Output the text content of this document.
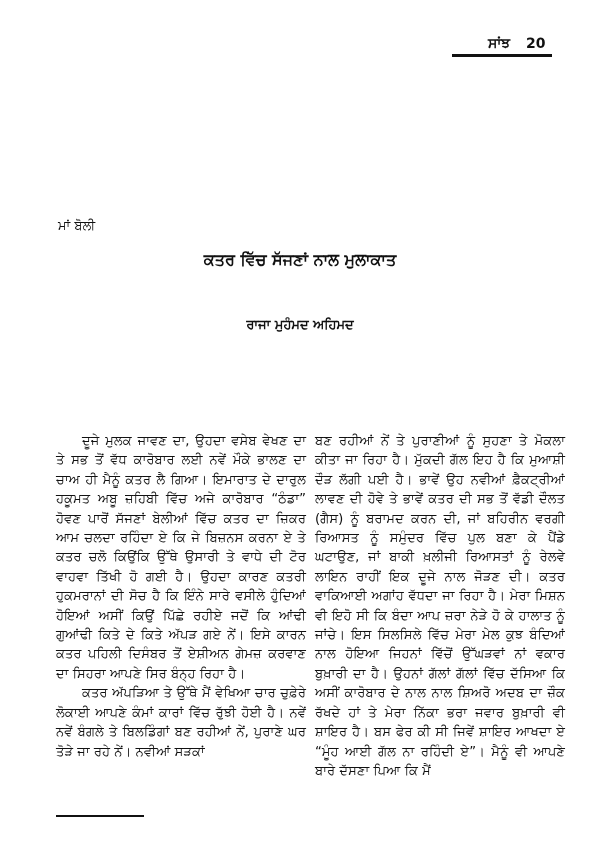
ਸਾਂਝ 20
ਮਾਂ ਬੋਲੀ
ਕਤਰ ਵਿੱਚ ਸੱਜਣਾਂ ਨਾਲ ਮੁਲਾਕਾਤ
ਰਾਜਾ ਮੁਹੰਮਦ ਅਹਿਮਦ

ਦੂਜੇ ਮੁਲਕ ਜਾਵਣ ਦਾ, ਉਹਦਾ ਵਸੇਬ ਵੇਖਣ ਦਾ ਤੇ ਸਭ ਤੋਂ ਵੱਧ ਕਾਰੋਬਾਰ ਲਈ ਨਵੇਂ ਮੌਕੇ ਭਾਲਣ ਦਾ ਚਾਅ ਹੀ ਮੈਨੂੰ ਕਤਰ ਲੈ ਗਿਆ। ਇਮਾਰਾਤ ਦੇ ਦਾਰੁਲ ਹਕੂਮਤ ਅਬੂ ਜ਼ਹਿਬੀ ਵਿੱਚ ਅਜੇ ਕਾਰੋਬਾਰ “ਠੰਡਾ” ਹੋਵਣ ਪਾਰੋਂ ਸੱਜਣਾਂ ਬੇਲੀਆਂ ਵਿੱਚ ਕਤਰ ਦਾ ਜ਼ਿਕਰ ਆਮ ਚਲਦਾ ਰਹਿੰਦਾ ਏ ਕਿ ਜੇ ਬਿਜ਼ਨਸ ਕਰਨਾ ਏ ਤੇ ਕਤਰ ਚਲੋ ਕਿਉਂਕਿ ਉੱਥੇ ਉਸਾਰੀ ਤੇ ਵਾਧੇ ਦੀ ਟੋਰ ਵਾਹਵਾ ਤਿੱਖੀ ਹੋ ਗਈ ਹੈ। ਉਹਦਾ ਕਾਰਣ ਕਤਰੀ ਹੁਕਮਰਾਨਾਂ ਦੀ ਸੋਚ ਹੈ ਕਿ ਇੰਨੇ ਸਾਰੇ ਵਸੀਲੇ ਹੁੰਦਿਆਂ ਹੋਇਆਂ ਅਸੀਂ ਕਿਉਂ ਪਿੱਛੇ ਰਹੀਏ ਜਦੋਂ ਕਿ ਆਂਢੀ ਗੁਆਂਢੀ ਕਿਤੇ ਦੇ ਕਿਤੇ ਅੱਪੜ ਗਏ ਨੇਂ। ਇਸੇ ਕਾਰਨ ਕਤਰ ਪਹਿਲੀ ਦਿਸੰਬਰ ਤੋਂ ਏਸ਼ੀਅਨ ਗੇਮਜ਼ ਕਰਵਾਣ ਦਾ ਸਿਹਰਾ ਆਪਣੇ ਸਿਰ ਬੰਨ੍ਹ ਰਿਹਾ ਹੈ।

ਕਤਰ ਅੱਪੜਿਆ ਤੇ ਉੱਥੇ ਮੈਂ ਵੇਖਿਆ ਚਾਰ ਚੁਫ਼ੇਰੇ ਲੋਕਾਈ ਆਪਣੇ ਕੰਮਾਂ ਕਾਰਾਂ ਵਿੱਚ ਰੁੱਝੀ ਹੋਈ ਹੈ। ਨਵੇਂ ਨਵੇਂ ਬੰਗਲੇ ਤੇ ਬਿਲਡਿੰਗਾਂ ਬਣ ਰਹੀਆਂ ਨੇਂ, ਪੁਰਾਣੇ ਘਰ ਤੋੜੇ ਜਾ ਰਹੇ ਨੇਂ। ਨਵੀਆਂ ਸੜਕਾਂ

ਬਣ ਰਹੀਆਂ ਨੇਂ ਤੇ ਪੁਰਾਣੀਆਂ ਨੂੰ ਸੁਹਣਾ ਤੇ ਮੋਕਲਾ ਕੀਤਾ ਜਾ ਰਿਹਾ ਹੈ। ਮੁੱਕਦੀ ਗੱਲ ਇਹ ਹੈ ਕਿ ਮੁਆਸ਼ੀ ਦੌੜ ਲੱਗੀ ਪਈ ਹੈ। ਭਾਵੇਂ ਉਹ ਨਵੀਆਂ ਫ਼ੈਕਟ੍ਰੀਆਂ ਲਾਵਣ ਦੀ ਹੋਵੇ ਤੇ ਭਾਵੇਂ ਕਤਰ ਦੀ ਸਭ ਤੋਂ ਵੱਡੀ ਦੌਲਤ (ਗੈਸ) ਨੂੰ ਬਰਾਮਦ ਕਰਨ ਦੀ, ਜਾਂ ਬਹਿਰੀਨ ਵਰਗੀ ਰਿਆਸਤ ਨੂੰ ਸਮੁੰਦਰ ਵਿੱਚ ਪੁਲ ਬਣਾ ਕੇ ਪੈਂਡੇ ਘਟਾਉਣ, ਜਾਂ ਬਾਕੀ ਖ਼ਲੀਜੀ ਰਿਆਸਤਾਂ ਨੂੰ ਰੇਲਵੇ ਲਾਇਨ ਰਾਹੀਂ ਇਕ ਦੂਜੇ ਨਾਲ ਜੋੜਣ ਦੀ। ਕਤਰ ਵਾਕਿਆਈ ਅਗਾਂਹ ਵੱਧਦਾ ਜਾ ਰਿਹਾ ਹੈ। ਮੇਰਾ ਮਿਸ਼ਨ ਵੀ ਇਹੋ ਸੀ ਕਿ ਬੰਦਾ ਆਪ ਜ਼ਰਾ ਨੇੜੇ ਹੋ ਕੇ ਹਾਲਾਤ ਨੂੰ ਜਾਂਚੇ। ਇਸ ਸਿਲਸਿਲੇ ਵਿੱਚ ਮੇਰਾ ਮੇਲ ਕੁਝ ਬੰਦਿਆਂ ਨਾਲ ਹੋਇਆ ਜਿਹਨਾਂ ਵਿੱਚੋਂ ਉੱਘੜਵਾਂ ਨਾਂ ਵਕਾਰ ਬੁਖ਼ਾਰੀ ਦਾ ਹੈ। ਉਹਨਾਂ ਗੱਲਾਂ ਗੱਲਾਂ ਵਿੱਚ ਦੱਸਿਆ ਕਿ ਅਸੀਂ ਕਾਰੋਬਾਰ ਦੇ ਨਾਲ ਨਾਲ ਸ਼ਿਅਰੋ ਅਦਬ ਦਾ ਜ਼ੌਕ ਰੱਖਦੇ ਹਾਂ ਤੇ ਮੇਰਾ ਨਿੱਕਾ ਭਰਾ ਜਵਾਰ ਬੁਖ਼ਾਰੀ ਵੀ ਸ਼ਾਇਰ ਹੈ। ਬਸ ਫੇਰ ਕੀ ਸੀ ਜਿਵੇਂ ਸ਼ਾਇਰ ਆਖਦਾ ਏ “ਮੂੰਹ ਆਈ ਗੱਲ ਨਾ ਰਹਿੰਦੀ ਏ”। ਮੈਨੂੰ ਵੀ ਆਪਣੇ ਬਾਰੇ ਦੱਸਣਾ ਪਿਆ ਕਿ ਮੈਂ
